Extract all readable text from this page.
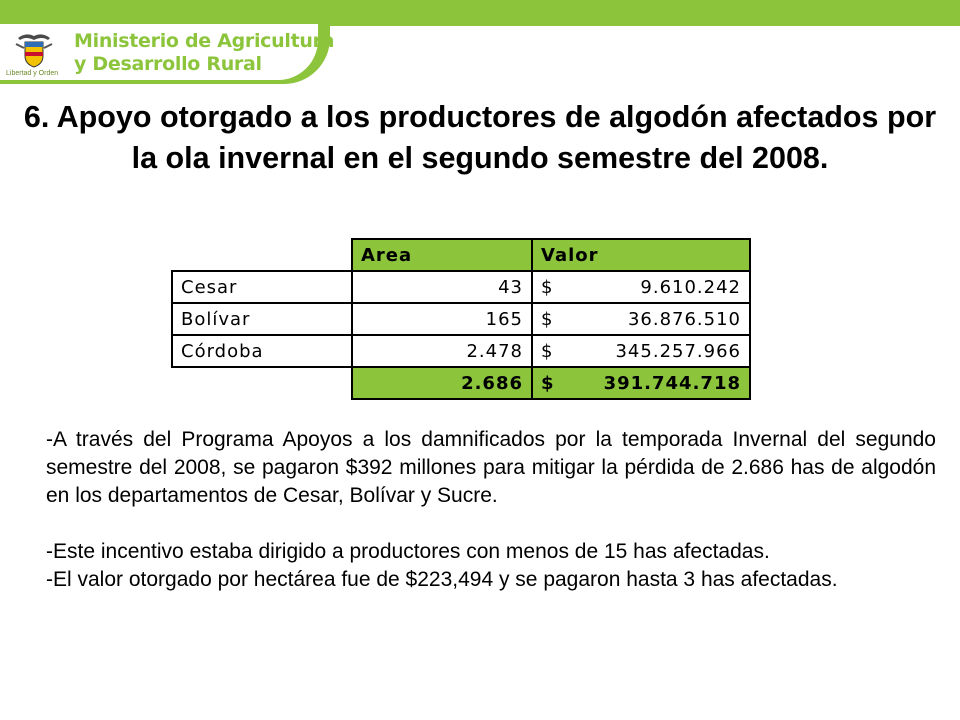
Libertad y Orden
Ministerio de Agricultura
y Desarrollo Rural
6. Apoyo otorgado a los productores de algodón afectados por la ola invernal en el segundo semestre del 2008.
	Area	Valor
Cesar	43	$ 9.610.242

Bolívar	165	$ 36.876.510

Córdoba	2.478	$ 345.257.966

	2.686	$ 391.744.718

-A través del Programa Apoyos a los damnificados por la temporada Invernal del segundo semestre del 2008, se pagaron $392 millones para mitigar la pérdida de 2.686 has de algodón en los departamentos de Cesar, Bolívar y Sucre.

-Este incentivo estaba dirigido a productores con menos de 15 has afectadas.

-El valor otorgado por hectárea fue de $223,494 y se pagaron hasta 3 has afectadas.
